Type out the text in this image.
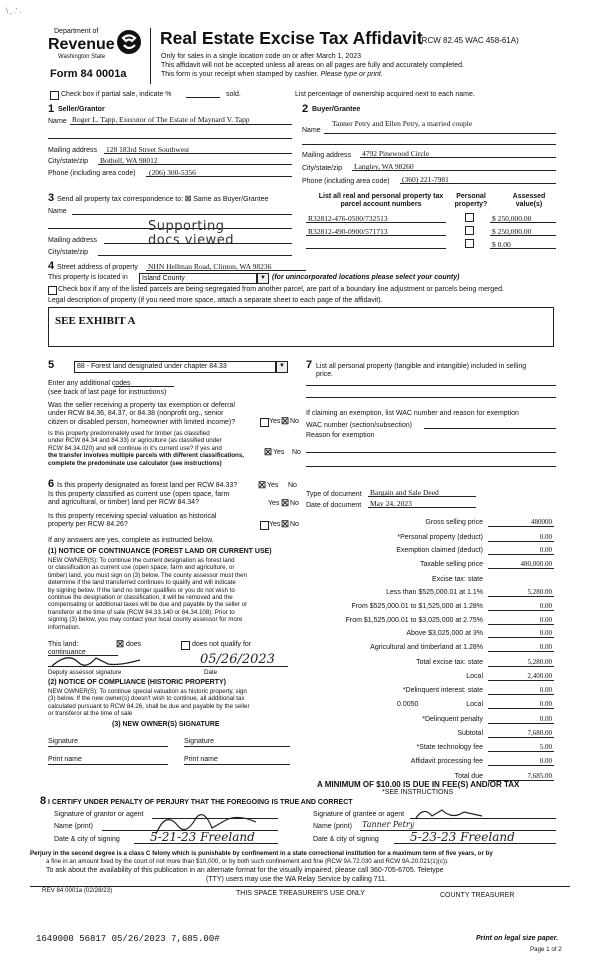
\ ¸ .' .
Department of
Revenue
Washington State
Form 84 0001a
Real Estate Excise Tax Affidavit
(RCW 82.45 WAC 458-61A)
Only for sales in a single location code on or after March 1, 2023
This affidavit will not be accepted unless all areas on all pages are fully and accurately completed.
This form is your receipt when stamped by cashier. Please type or print.
Check box if partial sale, indicate %	sold.	List percentage of ownership acquired next to each name.
1 Seller/Grantor
Name Roger L. Tapp, Executor of The Estate of Maynard V. Tapp
Mailing address 128 183rd Street Southwest
City/state/zip Bothell, WA 98012
Phone (including area code) (206) 300-5356
2 Buyer/Grantee
Tanner Petry and Ellen Petry, a married couple
Name
Mailing address 4792 Pinewood Circle
City/state/zip Langley, WA 98260
Phone (including area code) (360) 221-7981
3 Send all property tax correspondence to: ☒ Same as Buyer/Grantee
Name
Supporting
docs viewed
Mailing address
City/state/zip
List all real and personal property tax
parcel account numbers
Personal
property?
Assessed
value(s)
R32812-476-0500/732513	$ 250,000.00
R32812-490-0900/571713	$ 250,000.00
$ 0.00
4 Street address of property NHN Hellman Road, Clinton, WA 98236
This property is located in	Island County	▼ (for unincorporated locations please select your county)
Check box if any of the listed parcels are being segregated from another parcel, are part of a boundary line adjustment or parcels being merged.
Legal description of property (if you need more space, attach a separate sheet to each page of the affidavit).
SEE EXHIBIT A
5	88 - Forest land designated under chapter 84.33	▼
Enter any additional codes
(see back of last page for instructions)
Was the seller receiving a property tax exemption or deferral
under RCW 84.36, 84.37, or 84.38 (nonprofit org., senior
citizen or disabled person, homeowner with limited income)?	Yes ☒ No
Is this property predominately used for timber (as classified
under RCW 84.34 and 84.33) or agriculture (as classified under
RCW 84.34.020) and will continue in it's current use? If yes and
the transfer involves multiple parcels with different classifications,
complete the predominate use calculator (see instructions)
☒ Yes No
6 Is this property designated as forest land per RCW 84.33? ☒ Yes No
Is this property classified as current use (open space, farm
and agricultural, or timber) land per RCW 84.34?	Yes ☒ No
Is this property receiving special valuation as historical
property per RCW 84.26?	Yes ☒ No
If any answers are yes, complete as instructed below.
(1) NOTICE OF CONTINUANCE (FOREST LAND OR CURRENT USE)
NEW OWNER(S): To continue the current designation as forest land
or classification as current use (open space, farm and agriculture, or
timber) land, you must sign on (3) below. The county assessor must then
determine if the land transferred continues to qualify and will indicate
by signing below. If the land no longer qualifies or you do not wish to
continue the designation or classification, it will be removed and the
compensating or additional taxes will be due and payable by the seller or
transferor at the time of sale (RCW 84.33.140 or 84.34.108). Prior to
signing (3) below, you may contact your local county assessor for more
information.
This land:
continuance
☒ does	does not qualify for
05/26/2023
Deputy assessor signature	Date
(2) NOTICE OF COMPLIANCE (HISTORIC PROPERTY)
NEW OWNER(S): To continue special valuation as historic property, sign
(3) below. If the new owner(s) doesn't wish to continue, all additional tax
calculated pursuant to RCW 84.26, shall be due and payable by the seller
or transferor at the time of sale
(3) NEW OWNER(S) SIGNATURE
Signature	Signature
Print name	Print name
7 List all personal property (tangible and intangible) included in selling
price.
If claiming an exemption, list WAC number and reason for exemption
WAC number (section/subsection)
Reason for exemption
Type of document Bargain and Sale Deed
Date of document May 24, 2023
Gross selling price	480000
*Personal property (deduct)	0.00
Exemption claimed (deduct)	0.00
Taxable selling price	480,000.00
Excise tax: state
Less than $525,000.01 at 1.1%	5,280.00
From $525,000.01 to $1,525,000 at 1.28%	0.00
From $1,525,000.01 to $3,025,000 at 2.75%	0.00
Above $3,025,000 at 3%	0.00
Agricultural and timberland at 1.28%	0.00
Total excise tax: state	5,280.00
Local	2,400.00
*Delinquent interest: state	0.00
Local	0.00
*Delinquent penalty	0.00
Subtotal	7,680.00
*State technology fee	5.00
Affidavit processing fee	0.00
Total due	7,685.00
0.0050
A MINIMUM OF $10.00 IS DUE IN FEE(S) AND/OR TAX
*SEE INSTRUCTIONS
8 I CERTIFY UNDER PENALTY OF PERJURY THAT THE FOREGOING IS TRUE AND CORRECT
Signature of grantor or agent
Name (print)
Date & city of signing	5-21-23 Freeland
Signature of grantee or agent
Name (print) Tanner Petry
Date & city of signing	5-23-23 Freeland
Perjury in the second degree is a class C felony which is punishable by confinement in a state correctional institution for a maximum term of five years, or by
a fine in an amount fixed by the court of not more than $10,000, or by both such confinement and fine (RCW 9A.72.030 and RCW 9A.20.021(1)(c)).
To ask about the availability of this publication in an alternate format for the visually impaired, please call 360-705-6705. Teletype
(TTY) users may use the WA Relay Service by calling 711.
REV 84 0001a (02/28/23)	THIS SPACE TREASURER'S USE ONLY	COUNTY TREASURER
1649000 56817 05/26/2023 7,685.00#	Print on legal size paper.
Page 1 of 2
